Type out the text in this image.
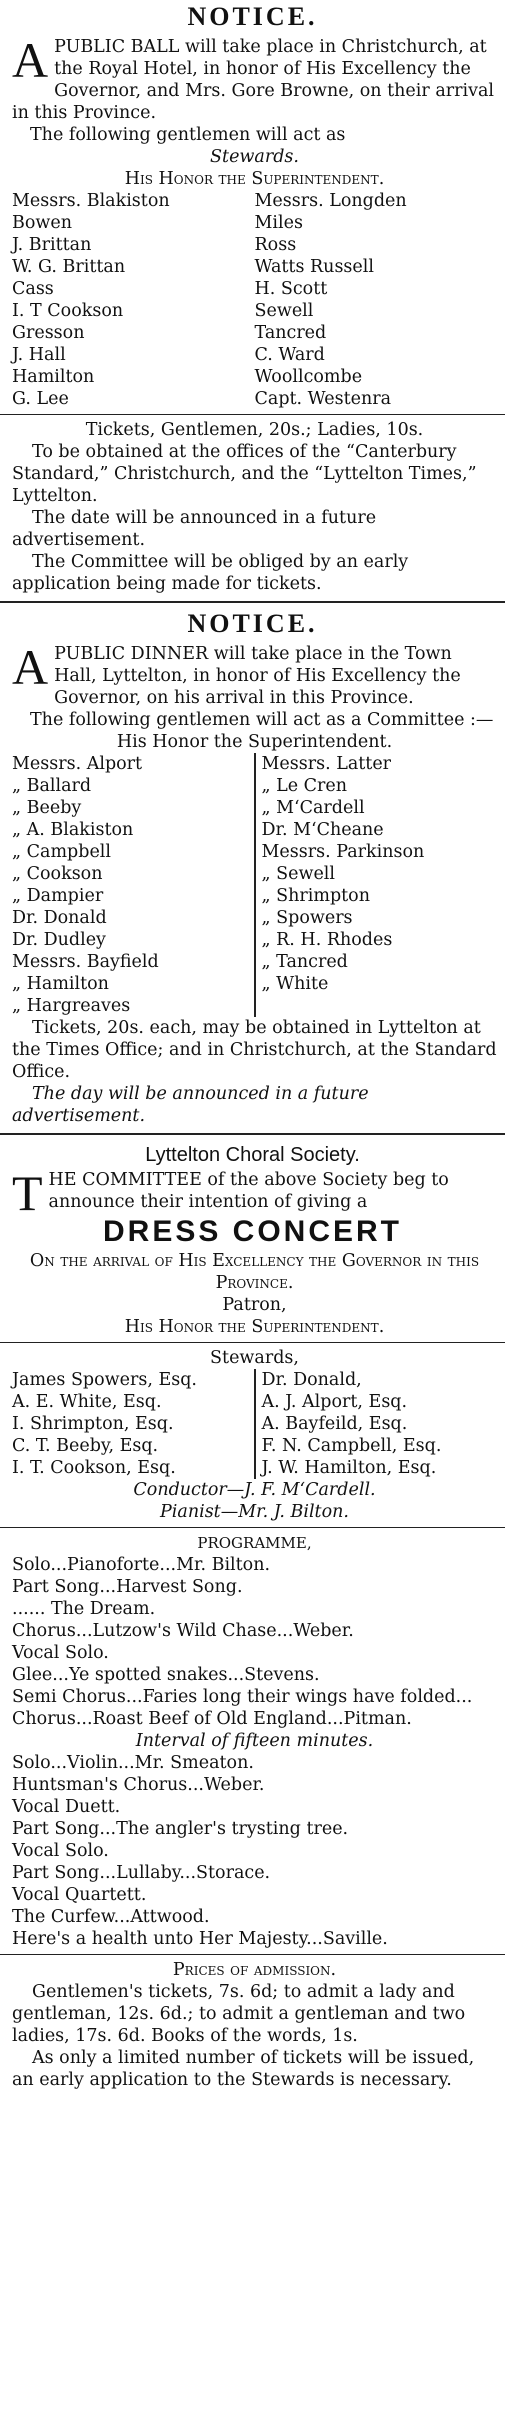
NOTICE.
APUBLIC BALL will take place in Christchurch, at the Royal Hotel, in honor of His Excellency the Governor, and Mrs. Gore Browne, on their arrival in this Province.
The following gentlemen will act as
Stewards.
His Honor the Superintendent.
Messrs. Blakiston
Bowen
J. Brittan
W. G. Brittan
Cass
I. T Cookson
Gresson
J. Hall
Hamilton
G. Lee
Messrs. Longden
Miles
Ross
Watts Russell
H. Scott
Sewell
Tancred
C. Ward
Woollcombe
Capt. Westenra
Tickets, Gentlemen, 20s.; Ladies, 10s.
To be obtained at the offices of the “Canterbury Standard,” Christchurch, and the “Lyttelton Times,” Lyttelton.
The date will be announced in a future advertisement.
The Committee will be obliged by an early application being made for tickets.
NOTICE.
APUBLIC DINNER will take place in the Town Hall, Lyttelton, in honor of His Excellency the Governor, on his arrival in this Province.
The following gentlemen will act as a Committee :—
His Honor the Superintendent.
Messrs. Alport
„ Ballard
„ Beeby
„ A. Blakiston
„ Campbell
„ Cookson
„ Dampier
Dr. Donald
Dr. Dudley
Messrs. Bayfield
„ Hamilton
„ Hargreaves
Messrs. Latter
„ Le Cren
„ M‘Cardell
Dr. M‘Cheane
Messrs. Parkinson
„ Sewell
„ Shrimpton
„ Spowers
„ R. H. Rhodes
„ Tancred
„ White
Tickets, 20s. each, may be obtained in Lyttelton at the Times Office; and in Christchurch, at the Standard Office.
The day will be announced in a future advertisement.
Lyttelton Choral Society.
THE COMMITTEE of the above Society beg to announce their intention of giving a
DRESS CONCERT
On the arrival of His Excellency the Governor in this Province.
Patron,
His Honor the Superintendent.
Stewards,
James Spowers, Esq.
A. E. White, Esq.
I. Shrimpton, Esq.
C. T. Beeby, Esq.
I. T. Cookson, Esq.
Dr. Donald,
A. J. Alport, Esq.
A. Bayfeild, Esq.
F. N. Campbell, Esq.
J. W. Hamilton, Esq.
Conductor—J. F. M‘Cardell.
Pianist—Mr. J. Bilton.
PROGRAMME,
Solo...Pianoforte...Mr. Bilton.
Part Song...Harvest Song.
...... The Dream.
Chorus...Lutzow's Wild Chase...Weber.
Vocal Solo.
Glee...Ye spotted snakes...Stevens.
Semi Chorus...Faries long their wings have folded...
Chorus...Roast Beef of Old England...Pitman.
Interval of fifteen minutes.
Solo...Violin...Mr. Smeaton.
Huntsman's Chorus...Weber.
Vocal Duett.
Part Song...The angler's trysting tree.
Vocal Solo.
Part Song...Lullaby...Storace.
Vocal Quartett.
The Curfew...Attwood.
Here's a health unto Her Majesty...Saville.
Prices of admission.
Gentlemen's tickets, 7s. 6d; to admit a lady and gentleman, 12s. 6d.; to admit a gentleman and two ladies, 17s. 6d. Books of the words, 1s.
As only a limited number of tickets will be issued, an early application to the Stewards is necessary.
